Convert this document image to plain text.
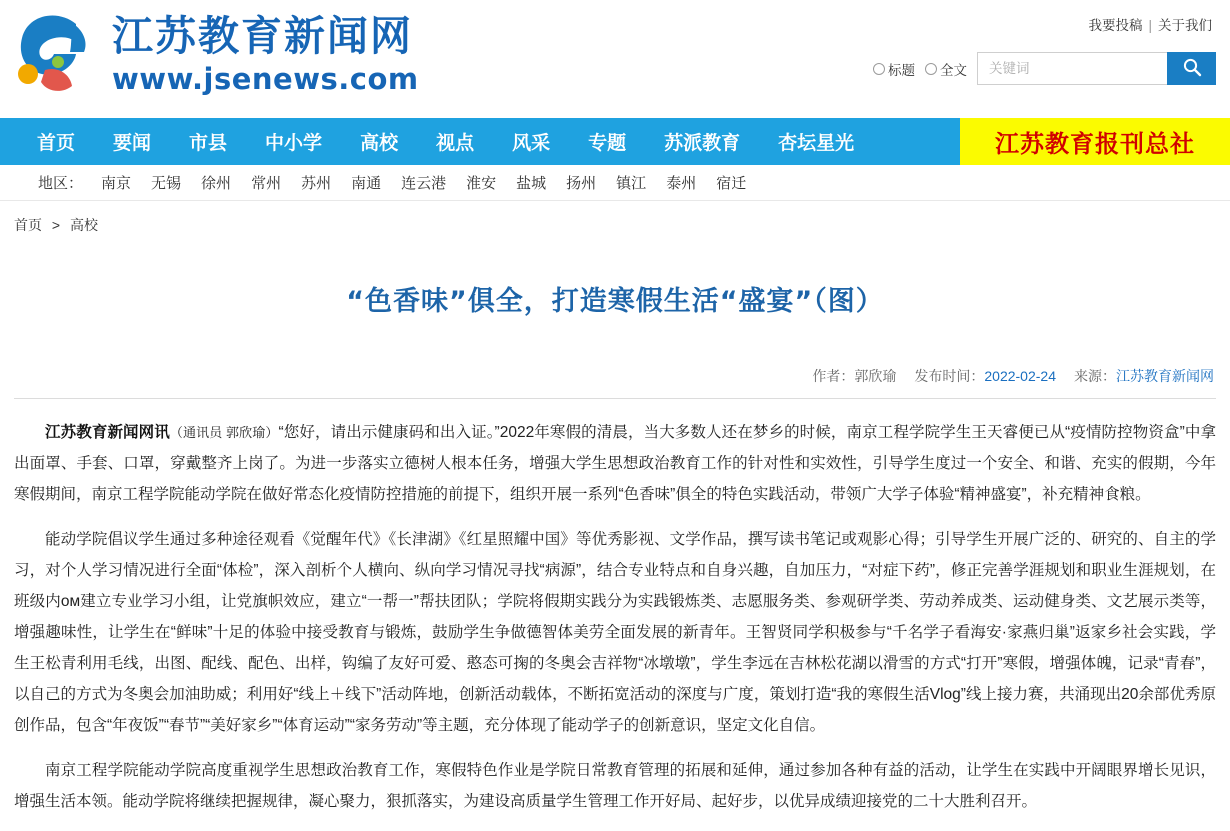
江苏教育新闻网
www.jsenews.com
我要投稿 | 关于我们
标题 全文
关键词
首页	要闻	市县	中小学	高校	视点	风采	专题	苏派教育	杏坛星光	江苏教育报刊总社
地区： 南京 无锡 徐州 常州 苏州 南通 连云港 淮安 盐城 扬州 镇江 泰州 宿迁
首页 > 高校
“色香味”俱全，打造寒假生活“盛宴”（图）
作者：郭欣瑜 发布时间：2022-02-24 来源：江苏教育新闻网

江苏教育新闻网讯（通讯员 郭欣瑜）“您好，请出示健康码和出入证。”2022年寒假的清晨，当大多数人还在梦乡的时候，南京工程学院学生王天睿便已从“疫情防控物资盒”中拿出面罩、手套、口罩，穿戴整齐上岗了。为进一步落实立德树人根本任务，增强大学生思想政治教育工作的针对性和实效性，引导学生度过一个安全、和谐、充实的假期，今年寒假期间，南京工程学院能动学院在做好常态化疫情防控措施的前提下，组织开展一系列“色香味”俱全的特色实践活动，带领广大学子体验“精神盛宴”，补充精神食粮。

能动学院倡议学生通过多种途径观看《觉醒年代》《长津湖》《红星照耀中国》等优秀影视、文学作品，撰写读书笔记或观影心得；引导学生开展广泛的、研究的、自主的学习，对个人学习情况进行全面“体检”，深入剖析个人横向、纵向学习情况寻找“病源”，结合专业特点和自身兴趣，自加压力，“对症下药”，修正完善学涯规划和职业生涯规划，在班级内ом建立专业学习小组，让党旗帜效应，建立“一帮一”帮扶团队；学院将假期实践分为实践锻炼类、志愿服务类、参观研学类、劳动养成类、运动健身类、文艺展示类等，增强趣味性，让学生在“鲜味”十足的体验中接受教育与锻炼，鼓励学生争做德智体美劳全面发展的新青年。王智贤同学积极参与“千名学子看海安·家燕归巢”返家乡社会实践，学生王松青利用毛线，出图、配线、配色、出样，钩编了友好可爱、憨态可掬的冬奥会吉祥物“冰墩墩”，学生李远在吉林松花湖以滑雪的方式“打开”寒假，增强体魄，记录“青春”，以自己的方式为冬奥会加油助威；利用好“线上＋线下”活动阵地，创新活动载体，不断拓宽活动的深度与广度，策划打造“我的寒假生活Vlog”线上接力赛，共涌现出20余部优秀原创作品，包含“年夜饭”“春节”“美好家乡”“体育运动”“家务劳动”等主题，充分体现了能动学子的创新意识，坚定文化自信。

南京工程学院能动学院高度重视学生思想政治教育工作，寒假特色作业是学院日常教育管理的拓展和延伸，通过参加各种有益的活动，让学生在实践中开阔眼界增长见识，增强生活本领。能动学院将继续把握规律，凝心聚力，狠抓落实，为建设高质量学生管理工作开好局、起好步，以优异成绩迎接党的二十大胜利召开。
